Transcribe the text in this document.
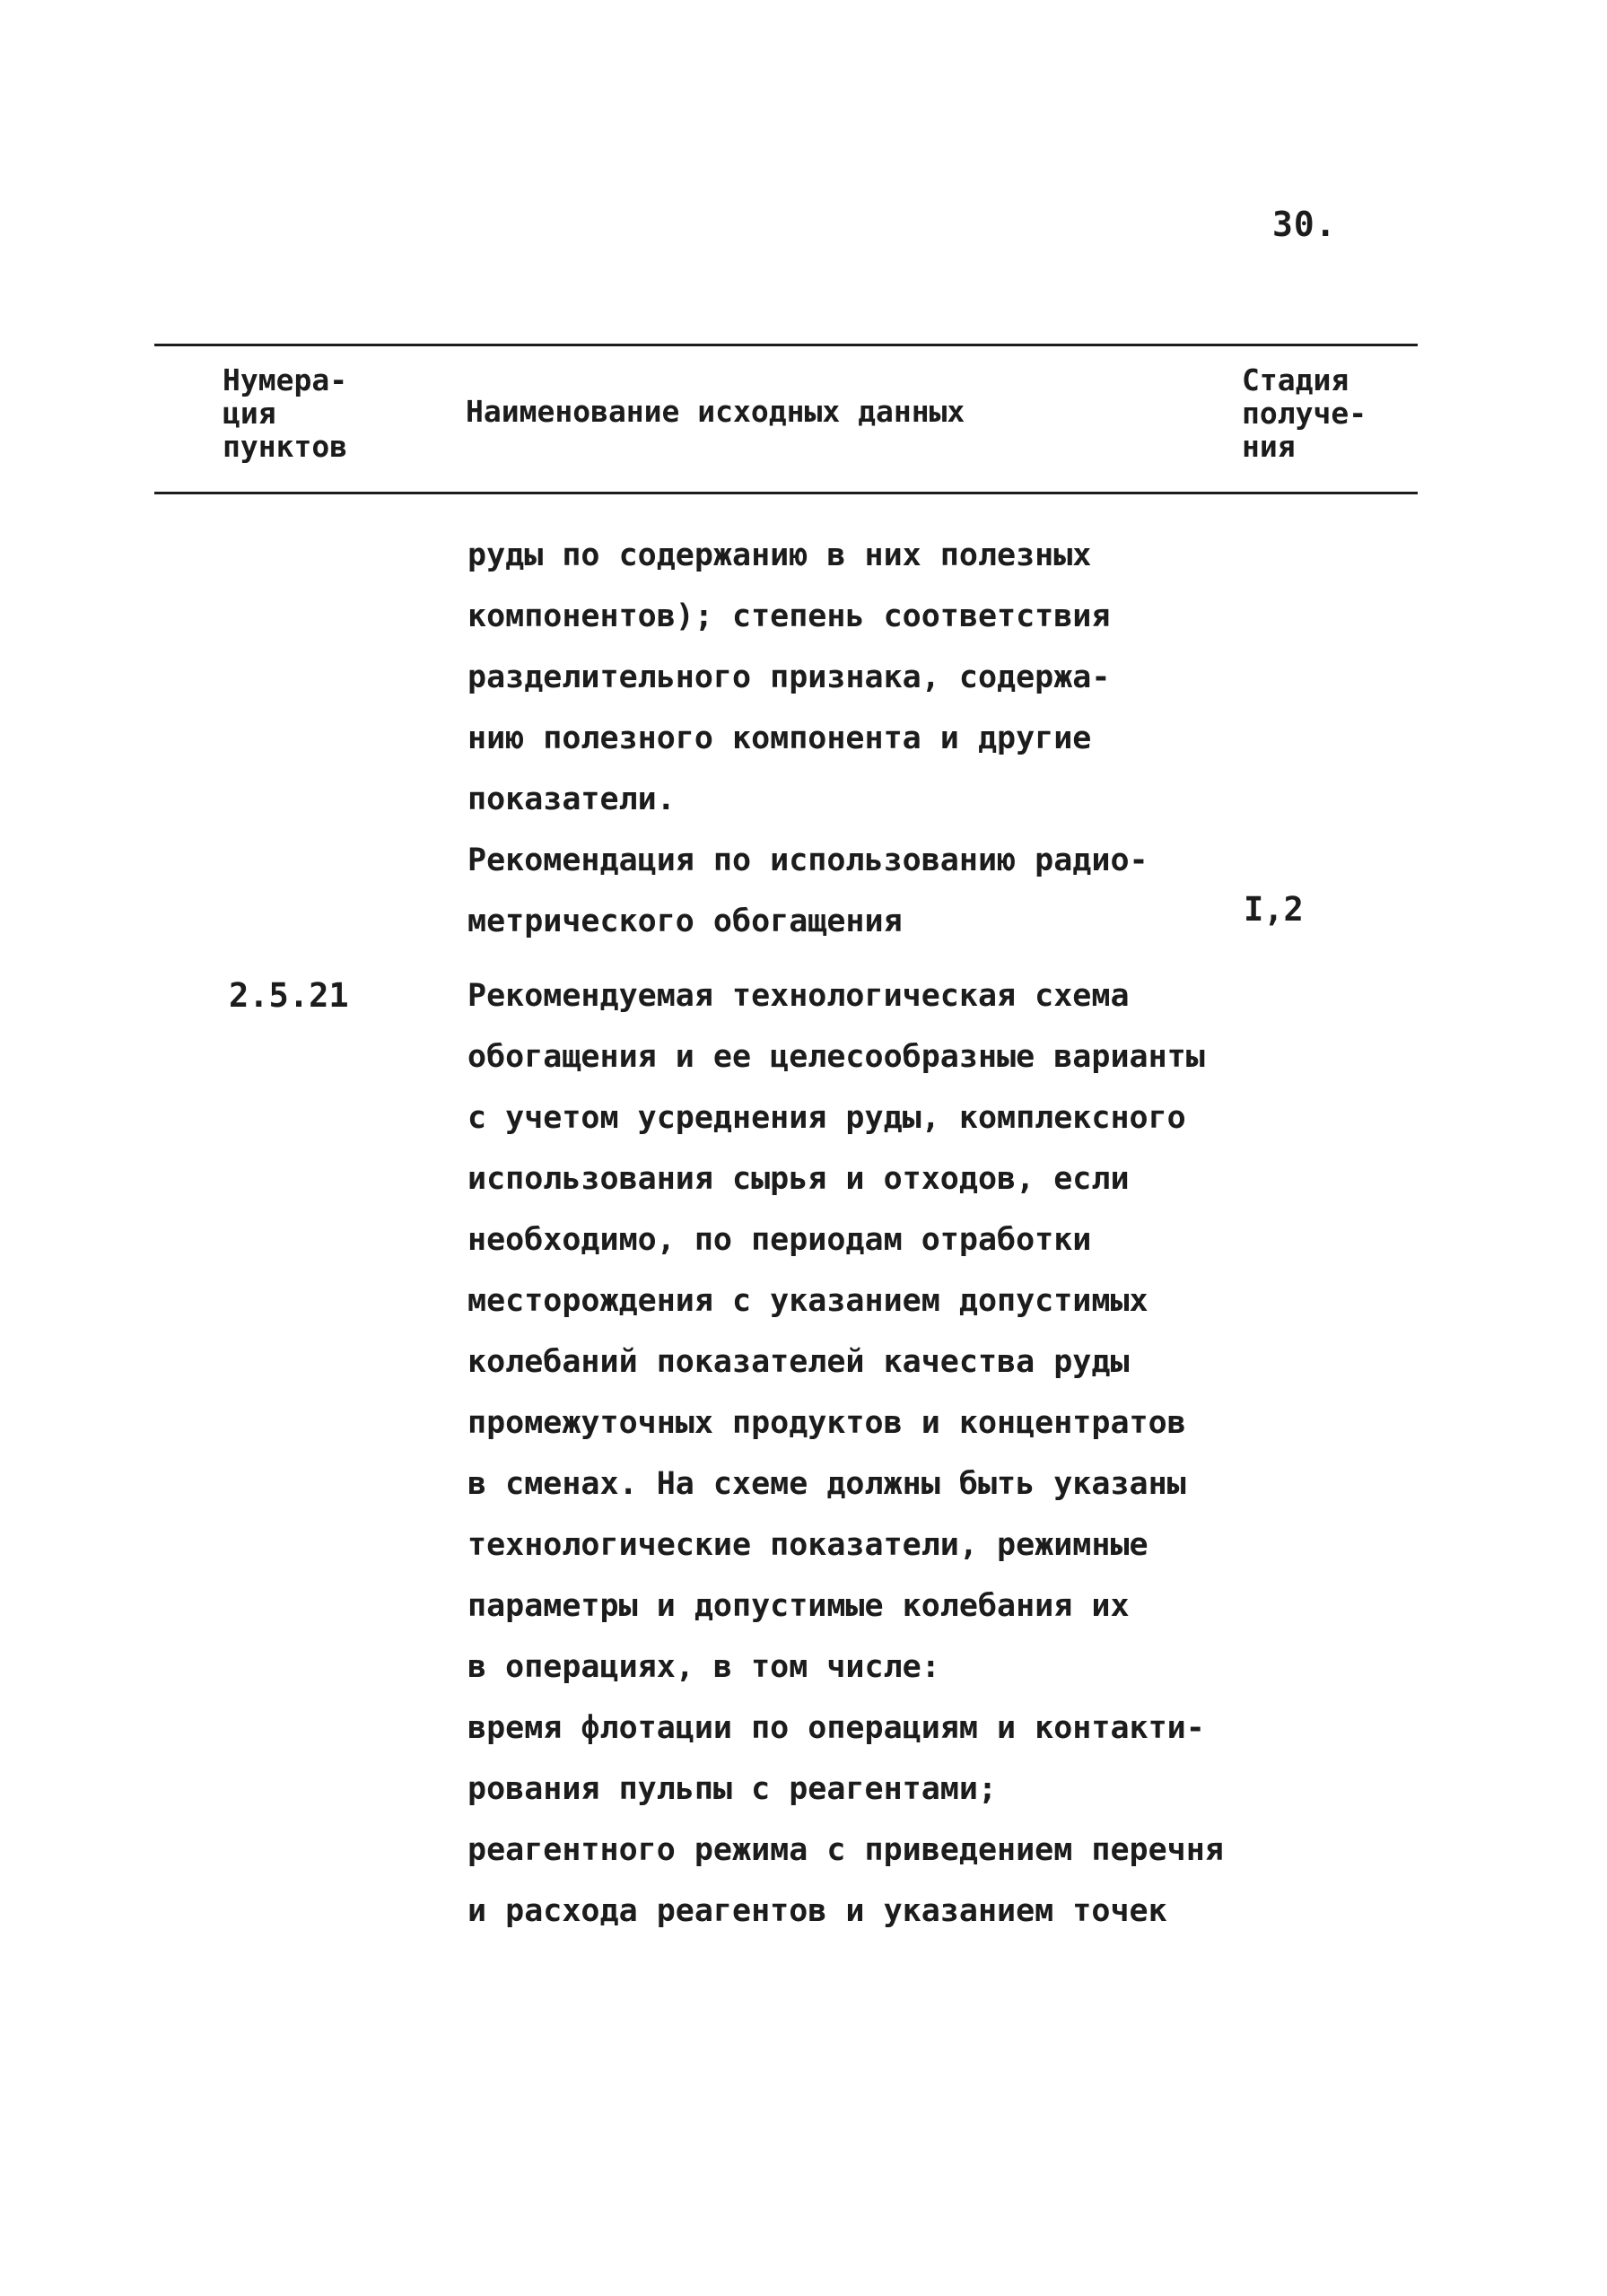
30.
Нумера-
ция
пунктов
Наименование исходных данных
Стадия
получе-
ния
руды по содержанию в них полезных
компонентов); степень соответствия
разделительного признака, содержа-
нию полезного компонента и другие
показатели.
Рекомендация по использованию радио-
метрического обогащения	I,2
2.5.21	Рекомендуемая технологическая схема
обогащения и ее целесообразные варианты
с учетом усреднения руды, комплексного
использования сырья и отходов, если
необходимо, по периодам отработки
месторождения с указанием допустимых
колебаний показателей качества руды
промежуточных продуктов и концентратов
в сменах. На схеме должны быть указаны
технологические показатели, режимные
параметры и допустимые колебания их
в операциях, в том числе:
время флотации по операциям и контакти-
рования пульпы с реагентами;
реагентного режима с приведением перечня
и расхода реагентов и указанием точек
